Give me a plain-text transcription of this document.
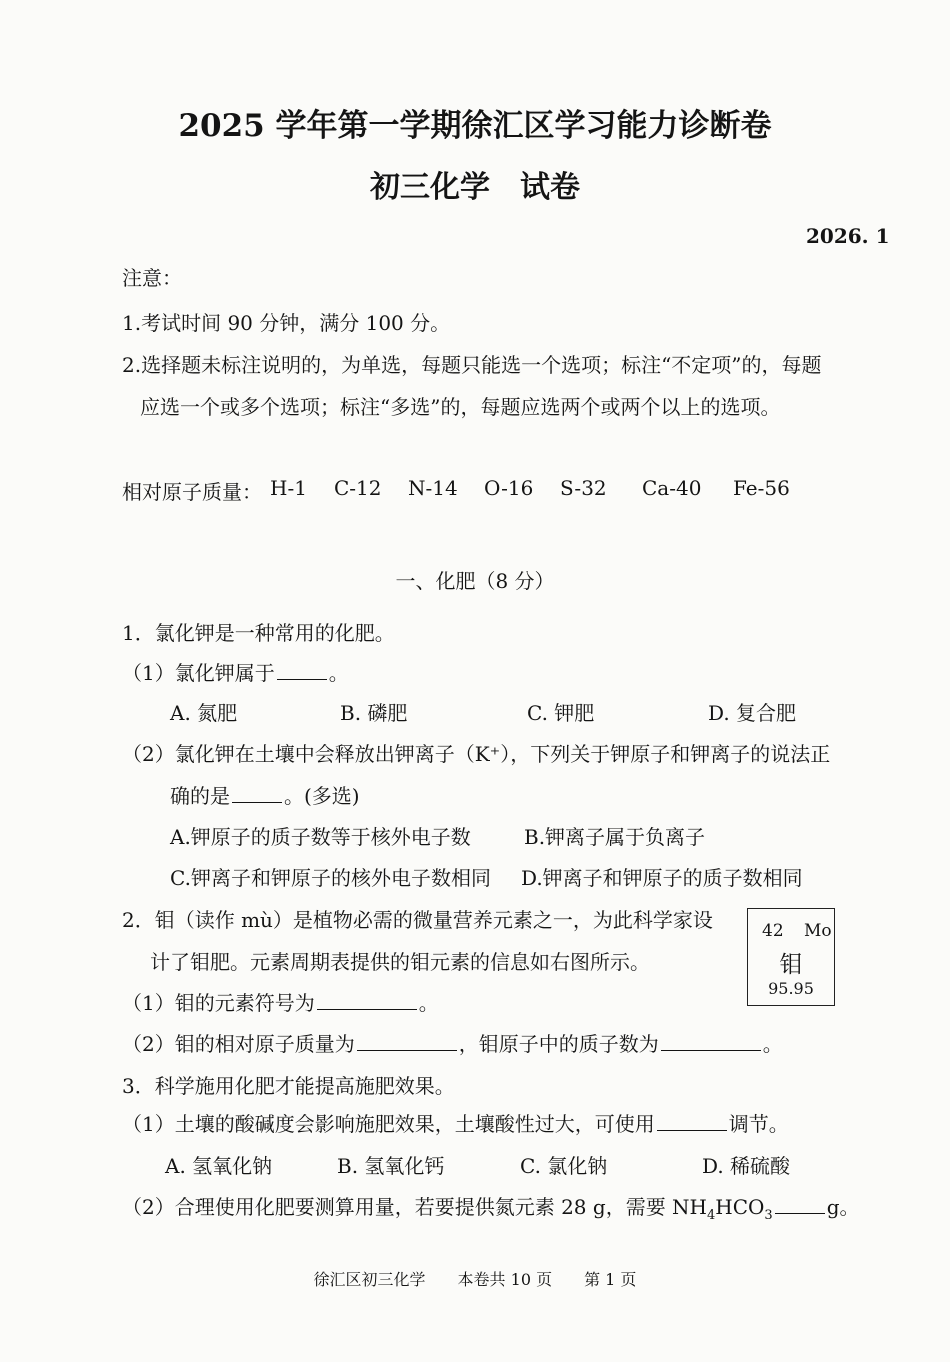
2025 学年第一学期徐汇区学习能力诊断卷
初三化学　试卷
2026. 1
注意：
1.考试时间 90 分钟，满分 100 分。
2.选择题未标注说明的，为单选，每题只能选一个选项；标注“不定项”的，每题
应选一个或多个选项；标注“多选”的，每题应选两个或两个以上的选项。
相对原子质量： H-1 C-12 N-14 O-16 S-32 Ca-40 Fe-56
一、化肥（8 分）
1．氯化钾是一种常用的化肥。
（1）氯化钾属于	。
A. 氮肥	B. 磷肥	C. 钾肥	D. 复合肥
（2）氯化钾在土壤中会释放出钾离子（K⁺），下列关于钾原子和钾离子的说法正
确的是	。(多选)
A.钾原子的质子数等于核外电子数	B.钾离子属于负离子
C.钾离子和钾原子的核外电子数相同 D.钾离子和钾原子的质子数相同
2．钼（读作 mù）是植物必需的微量营养元素之一，为此科学家设
计了钼肥。元素周期表提供的钼元素的信息如右图所示。
（1）钼的元素符号为	。
（2）钼的相对原子质量为	，钼原子中的质子数为	。
42 Mo
钼
95.95
3．科学施用化肥才能提高施肥效果。
（1）土壤的酸碱度会影响施肥效果，土壤酸性过大，可使用	调节。
A. 氢氧化钠	B. 氢氧化钙	C. 氯化钠	D. 稀硫酸
（2）合理使用化肥要测算用量，若要提供氮元素 28 g，需要 $NH_4HCO_3$	g。
徐汇区初三化学　　本卷共 10 页　　第 1 页
